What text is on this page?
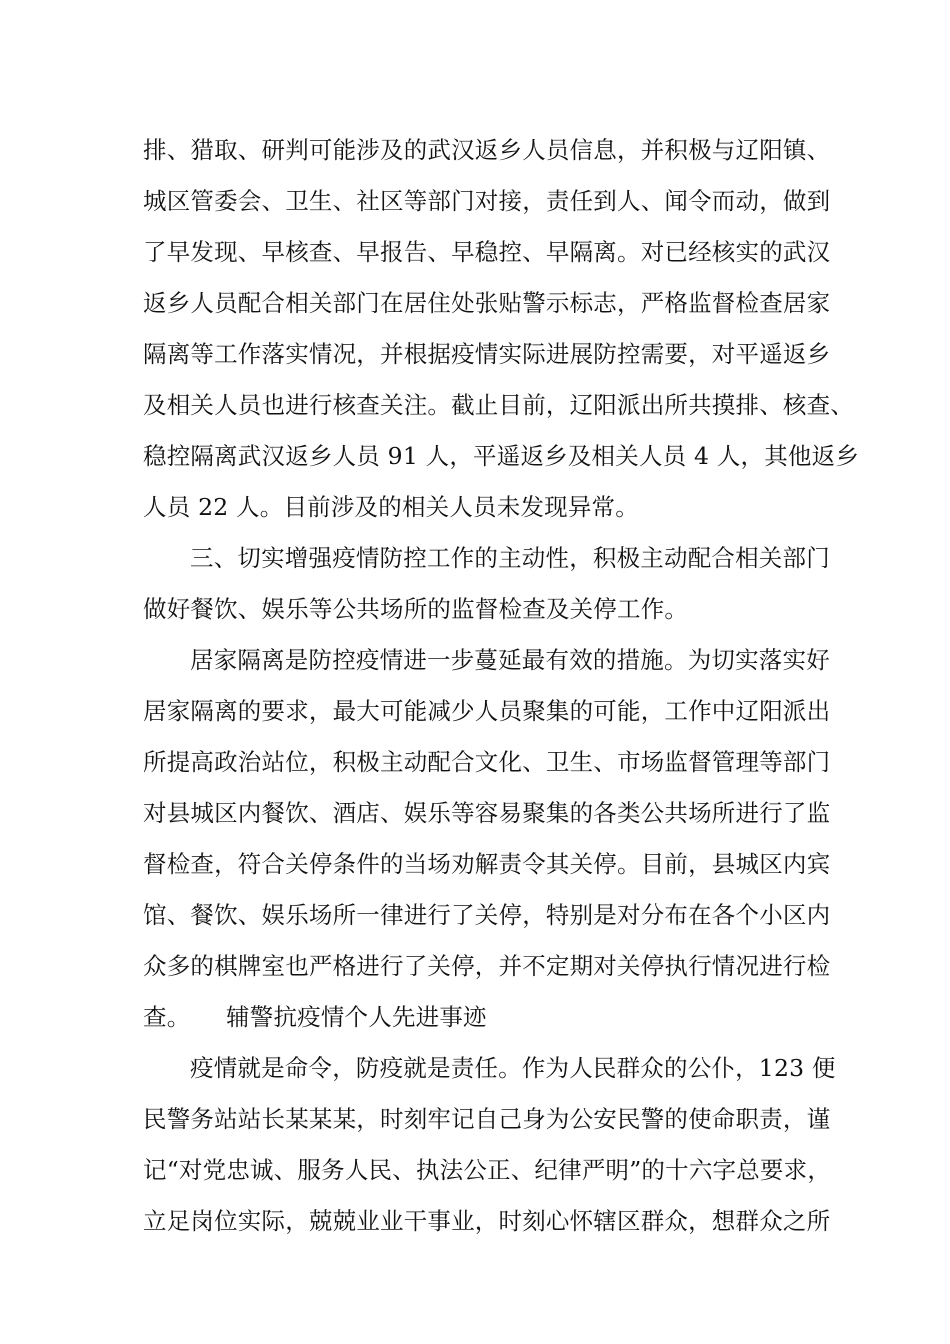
排、猎取、研判可能涉及的武汉返乡人员信息，并积极与辽阳镇、
城区管委会、卫生、社区等部门对接，责任到人、闻令而动，做到
了早发现、早核查、早报告、早稳控、早隔离。对已经核实的武汉
返乡人员配合相关部门在居住处张贴警示标志，严格监督检查居家
隔离等工作落实情况，并根据疫情实际进展防控需要，对平遥返乡
及相关人员也进行核查关注。截止目前，辽阳派出所共摸排、核查、
稳控隔离武汉返乡人员 91 人，平遥返乡及相关人员 4 人，其他返乡
人员 22 人。目前涉及的相关人员未发现异常。
三、切实增强疫情防控工作的主动性，积极主动配合相关部门
做好餐饮、娱乐等公共场所的监督检查及关停工作。
居家隔离是防控疫情进一步蔓延最有效的措施。为切实落实好
居家隔离的要求，最大可能减少人员聚集的可能，工作中辽阳派出
所提高政治站位，积极主动配合文化、卫生、市场监督管理等部门
对县城区内餐饮、酒店、娱乐等容易聚集的各类公共场所进行了监
督检查，符合关停条件的当场劝解责令其关停。目前，县城区内宾
馆、餐饮、娱乐场所一律进行了关停，特别是对分布在各个小区内
众多的棋牌室也严格进行了关停，并不定期对关停执行情况进行检
查。　　辅警抗疫情个人先进事迹
疫情就是命令，防疫就是责任。作为人民群众的公仆，123 便
民警务站站长某某某，时刻牢记自己身为公安民警的使命职责，谨
记“对党忠诚、服务人民、执法公正、纪律严明”的十六字总要求，
立足岗位实际，兢兢业业干事业，时刻心怀辖区群众，想群众之所
